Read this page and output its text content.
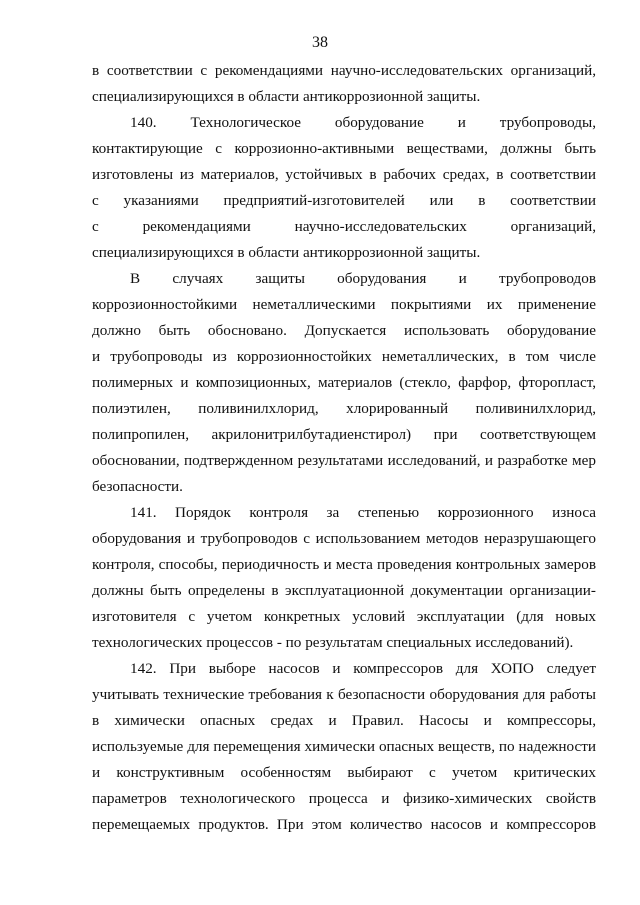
38
в соответствии с рекомендациями научно-исследовательских организаций,
специализирующихся в области антикоррозионной защиты.
140. Технологическое оборудование и трубопроводы,
контактирующие с коррозионно-активными веществами, должны быть
изготовлены из материалов, устойчивых в рабочих средах, в соответствии
с указаниями предприятий-изготовителей или в соответствии
с рекомендациями научно-исследовательских организаций,
специализирующихся в области антикоррозионной защиты.
В случаях защиты оборудования и трубопроводов
коррозионностойкими неметаллическими покрытиями их применение
должно быть обосновано. Допускается использовать оборудование
и трубопроводы из коррозионностойких неметаллических, в том числе
полимерных и композиционных, материалов (стекло, фарфор, фторопласт,
полиэтилен, поливинилхлорид, хлорированный поливинилхлорид,
полипропилен, акрилонитрилбутадиенстирол) при соответствующем
обосновании, подтвержденном результатами исследований, и разработке мер
безопасности.
141. Порядок контроля за степенью коррозионного износа
оборудования и трубопроводов с использованием методов неразрушающего
контроля, способы, периодичность и места проведения контрольных замеров
должны быть определены в эксплуатационной документации организации-
изготовителя с учетом конкретных условий эксплуатации (для новых
технологических процессов - по результатам специальных исследований).
142. При выборе насосов и компрессоров для ХОПО следует
учитывать технические требования к безопасности оборудования для работы
в химически опасных средах и Правил. Насосы и компрессоры,
используемые для перемещения химически опасных веществ, по надежности
и конструктивным особенностям выбирают с учетом критических
параметров технологического процесса и физико-химических свойств
перемещаемых продуктов. При этом количество насосов и компрессоров
